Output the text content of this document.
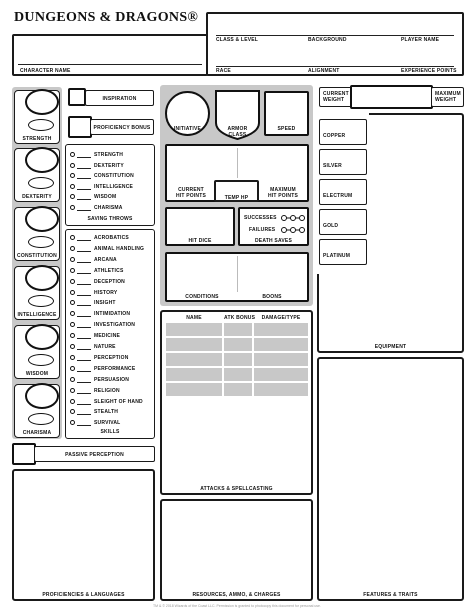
DUNGEONS & DRAGONS®
CHARACTER NAME
CLASS & LEVEL	BACKGROUND	PLAYER NAME
RACE	ALIGNMENT	EXPERIENCE POINTS
INSPIRATION
PROFICIENCY BONUS
STRENGTH
DEXTERITY
CONSTITUTION
INTELLIGENCE
WISDOM
CHARISMA
SAVING THROWS
ACROBATICS
ANIMAL HANDLING
ARCANA
ATHLETICS
DECEPTION
HISTORY
INSIGHT
INTIMIDATION
INVESTIGATION
MEDICINE
NATURE
PERCEPTION
PERFORMANCE
PERSUASION
RELIGION
SLEIGHT OF HAND
STEALTH
SURVIVAL
SKILLS
PASSIVE PERCEPTION
PROFICIENCIES & LANGUAGES
INITIATIVE	ARMOR
CLASS
SPEED
CURRENT
HIT POINTS	TEMP HP
MAXIMUM
HIT POINTS
HIT DICE
SUCCESSES
FAILURES
DEATH SAVES
CONDITIONS	BOONS
NAME	ATK BONUS	DAMAGE/TYPE
ATTACKS & SPELLCASTING
RESOURCES, AMMO, & CHARGES
CURRENT
WEIGHT
MAXIMUM
WEIGHT
COPPER
SILVER
ELECTRUM
GOLD
PLATINUM
EQUIPMENT
FEATURES & TRAITS
TM & © 2018 Wizards of the Coast LLC. Permission is granted to photocopy this document for personal use.
STRENGTH
DEXTERITY
CONSTITUTION
INTELLIGENCE
WISDOM
CHARISMA
